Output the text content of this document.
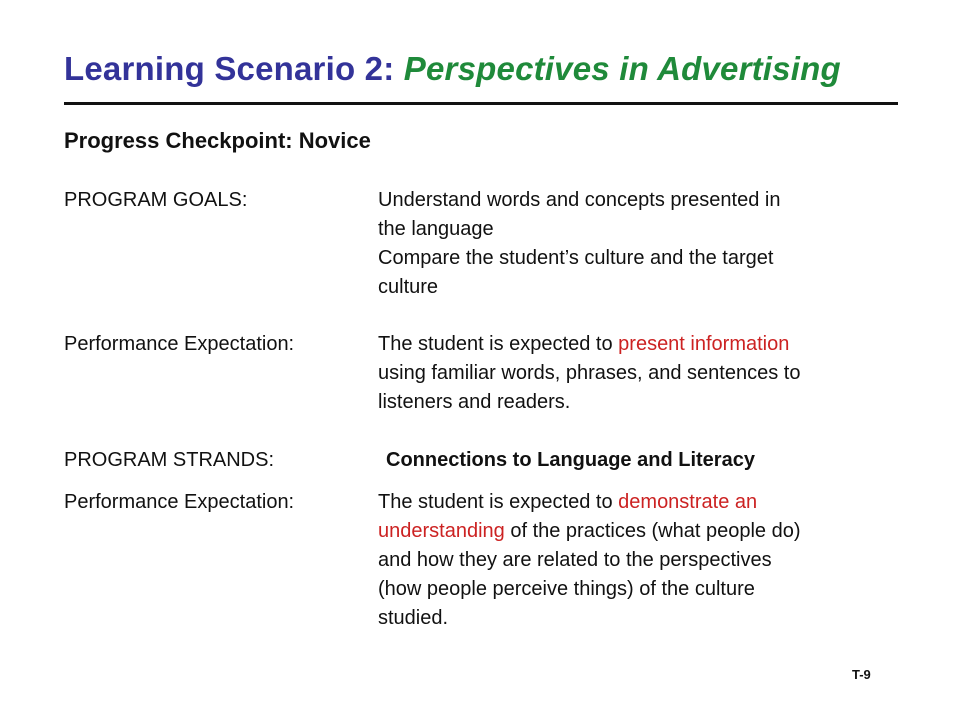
Learning Scenario 2: Perspectives in Advertising
Progress Checkpoint: Novice
PROGRAM GOALS:	Understand words and concepts presented in
the language
Compare the student’s culture and the target
culture
Performance Expectation:	The student is expected to present information
using familiar words, phrases, and sentences to
listeners and readers.
PROGRAM STRANDS:	Connections to Language and Literacy
Performance Expectation:	The student is expected to demonstrate an
understanding of the practices (what people do)
and how they are related to the perspectives
(how people perceive things) of the culture
studied.
T-9
